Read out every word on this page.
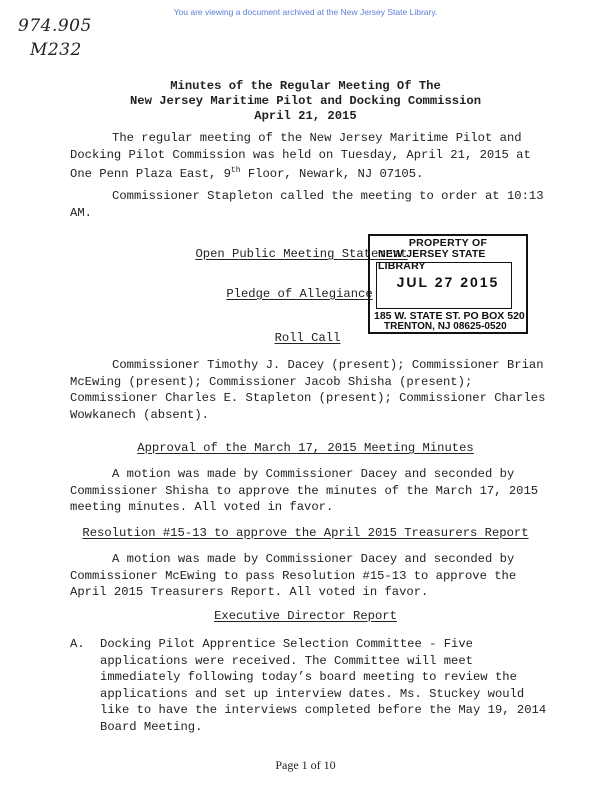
You are viewing a document archived at the New Jersey State Library.
974.905
M232
Minutes of the Regular Meeting Of The
New Jersey Maritime Pilot and Docking Commission
April 21, 2015

The regular meeting of the New Jersey Maritime Pilot and Docking Pilot Commission was held on Tuesday, April 21, 2015 at One Penn Plaza East, 9th Floor, Newark, NJ 07105.

Commissioner Stapleton called the meeting to order at 10:13 AM.

Open Public Meeting Statement
Pledge of Allegiance
Roll Call
PROPERTY OF
NEW JERSEY STATE LIBRARY
JUL 27 2015
185 W. STATE ST. PO BOX 520
TRENTON, NJ 08625-0520

Commissioner Timothy J. Dacey (present); Commissioner Brian McEwing (present); Commissioner Jacob Shisha (present); Commissioner Charles E. Stapleton (present); Commissioner Charles Wowkanech (absent).

Approval of the March 17, 2015 Meeting Minutes

A motion was made by Commissioner Dacey and seconded by Commissioner Shisha to approve the minutes of the March 17, 2015 meeting minutes. All voted in favor.

Resolution #15-13 to approve the April 2015 Treasurers Report

A motion was made by Commissioner Dacey and seconded by Commissioner McEwing to pass Resolution #15-13 to approve the April 2015 Treasurers Report. All voted in favor.

Executive Director Report
A. Docking Pilot Apprentice Selection Committee - Five applications were received. The Committee will meet immediately following today’s board meeting to review the applications and set up interview dates. Ms. Stuckey would like to have the interviews completed before the May 19, 2014 Board Meeting.
Page 1 of 10
